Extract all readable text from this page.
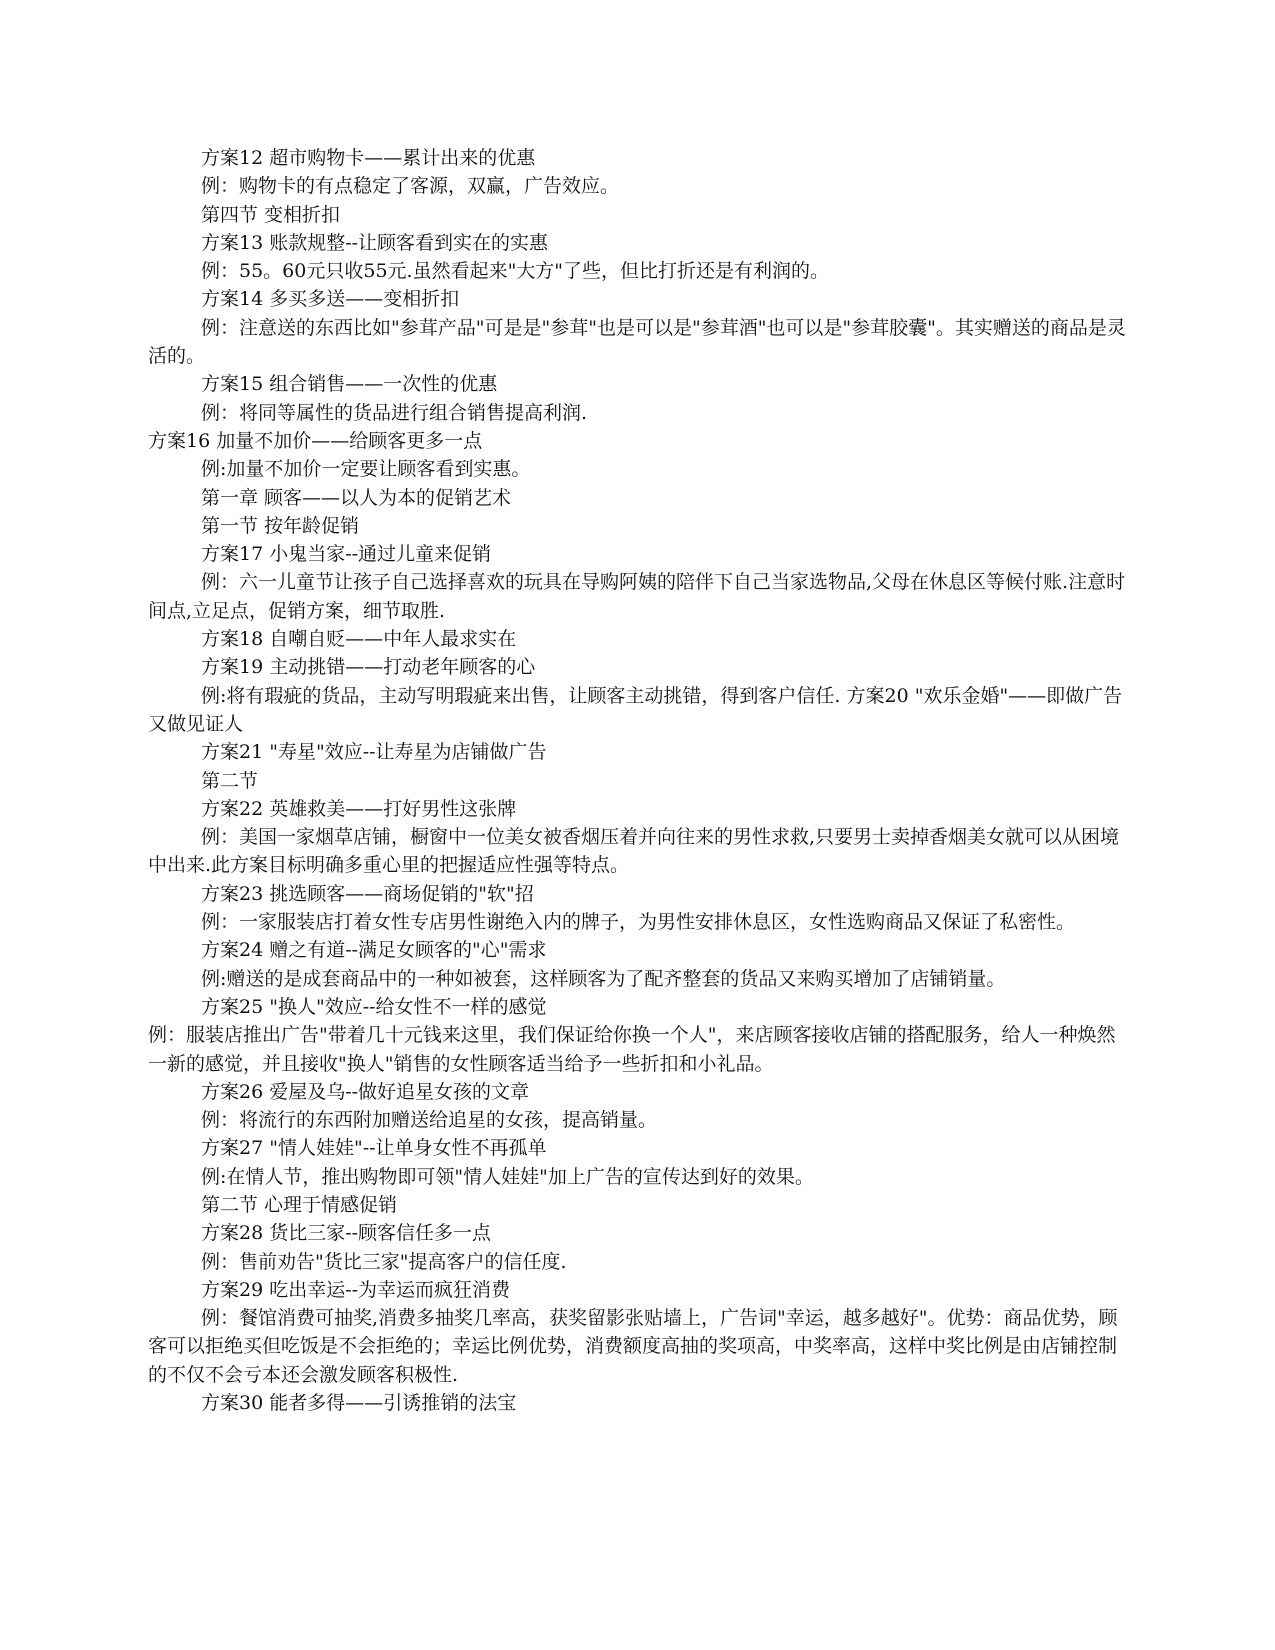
方案12 超市购物卡——累计出来的优惠

例：购物卡的有点稳定了客源，双赢，广告效应。

第四节 变相折扣

方案13 账款规整--让顾客看到实在的实惠

例：55。60元只收55元.虽然看起来"大方"了些，但比打折还是有利润的。

方案14 多买多送——变相折扣

例：注意送的东西比如"参茸产品"可是是"参茸"也是可以是"参茸酒"也可以是"参茸胶囊"。其实赠送的商品是灵活的。

方案15 组合销售——一次性的优惠

例：将同等属性的货品进行组合销售提高利润.

方案16 加量不加价——给顾客更多一点

例:加量不加价一定要让顾客看到实惠。

第一章 顾客——以人为本的促销艺术

第一节 按年龄促销

方案17 小鬼当家--通过儿童来促销

例：六一儿童节让孩子自己选择喜欢的玩具在导购阿姨的陪伴下自己当家选物品,父母在休息区等候付账.注意时间点,立足点，促销方案，细节取胜.

方案18 自嘲自贬——中年人最求实在

方案19 主动挑错——打动老年顾客的心

例:将有瑕疵的货品，主动写明瑕疵来出售，让顾客主动挑错，得到客户信任. 方案20 "欢乐金婚"——即做广告又做见证人

方案21 "寿星"效应--让寿星为店铺做广告

第二节

方案22 英雄救美——打好男性这张牌

例：美国一家烟草店铺，橱窗中一位美女被香烟压着并向往来的男性求救,只要男士卖掉香烟美女就可以从困境中出来.此方案目标明确多重心里的把握适应性强等特点。

方案23 挑选顾客——商场促销的"软"招

例：一家服装店打着女性专店男性谢绝入内的牌子，为男性安排休息区，女性选购商品又保证了私密性。

方案24 赠之有道--满足女顾客的"心"需求

例:赠送的是成套商品中的一种如被套，这样顾客为了配齐整套的货品又来购买增加了店铺销量。

方案25 "换人"效应--给女性不一样的感觉

例：服装店推出广告"带着几十元钱来这里，我们保证给你换一个人"，来店顾客接收店铺的搭配服务，给人一种焕然一新的感觉，并且接收"换人"销售的女性顾客适当给予一些折扣和小礼品。

方案26 爱屋及乌--做好追星女孩的文章

例：将流行的东西附加赠送给追星的女孩，提高销量。

方案27 "情人娃娃"--让单身女性不再孤单

例:在情人节，推出购物即可领"情人娃娃"加上广告的宣传达到好的效果。

第二节 心理于情感促销

方案28 货比三家--顾客信任多一点

例：售前劝告"货比三家"提高客户的信任度.

方案29 吃出幸运--为幸运而疯狂消费

例：餐馆消费可抽奖,消费多抽奖几率高，获奖留影张贴墙上，广告词"幸运，越多越好"。优势：商品优势，顾客可以拒绝买但吃饭是不会拒绝的；幸运比例优势，消费额度高抽的奖项高，中奖率高，这样中奖比例是由店铺控制的不仅不会亏本还会激发顾客积极性.

方案30 能者多得——引诱推销的法宝
